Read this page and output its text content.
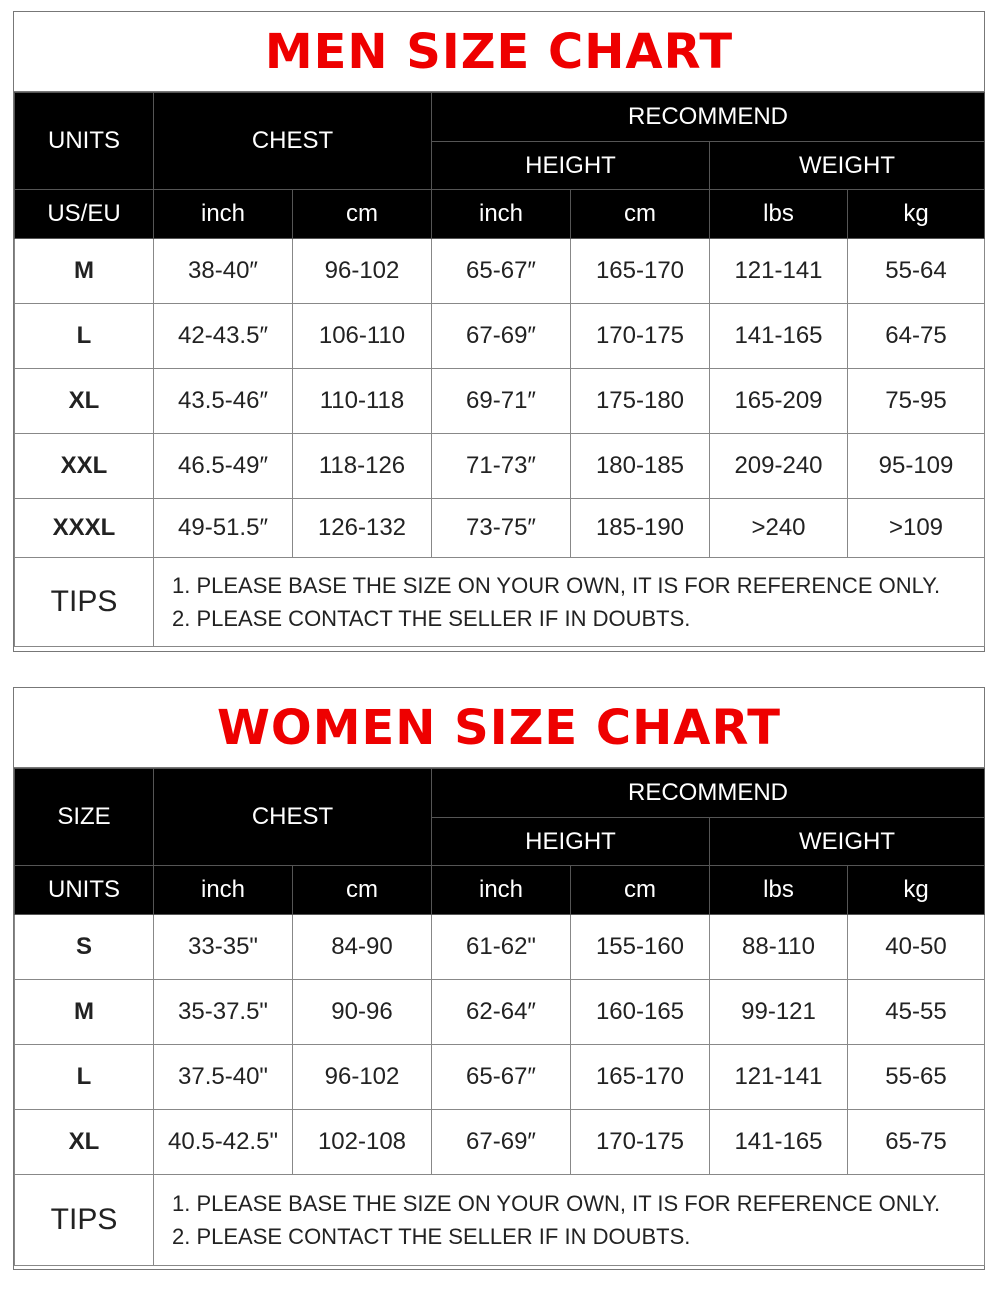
MEN SIZE CHART
UNITS	CHEST		RECOMMEND			
			HEIGHT		WEIGHT	
US/EU	inch	cm	inch	cm	lbs	kg
M	38-40″	96-102	65-67″	165-170	121-141	55-64
L	42-43.5″	106-110	67-69″	170-175	141-165	64-75
XL	43.5-46″	110-118	69-71″	175-180	165-209	75-95
XXL	46.5-49″	118-126	71-73″	180-185	209-240	95-109
XXXL	49-51.5″	126-132	73-75″	185-190	>240	>109
TIPS	1. PLEASE BASE THE SIZE ON YOUR OWN, IT IS FOR REFERENCE ONLY.
2. PLEASE CONTACT THE SELLER IF IN DOUBTS.					
WOMEN SIZE CHART
SIZE	CHEST		RECOMMEND			
			HEIGHT		WEIGHT	
UNITS	inch	cm	inch	cm	lbs	kg
S	33-35"	84-90	61-62"	155-160	88-110	40-50
M	35-37.5"	90-96	62-64″	160-165	99-121	45-55
L	37.5-40"	96-102	65-67″	165-170	121-141	55-65
XL	40.5-42.5"	102-108	67-69″	170-175	141-165	65-75
TIPS	1. PLEASE BASE THE SIZE ON YOUR OWN, IT IS FOR REFERENCE ONLY.
2. PLEASE CONTACT THE SELLER IF IN DOUBTS.					
